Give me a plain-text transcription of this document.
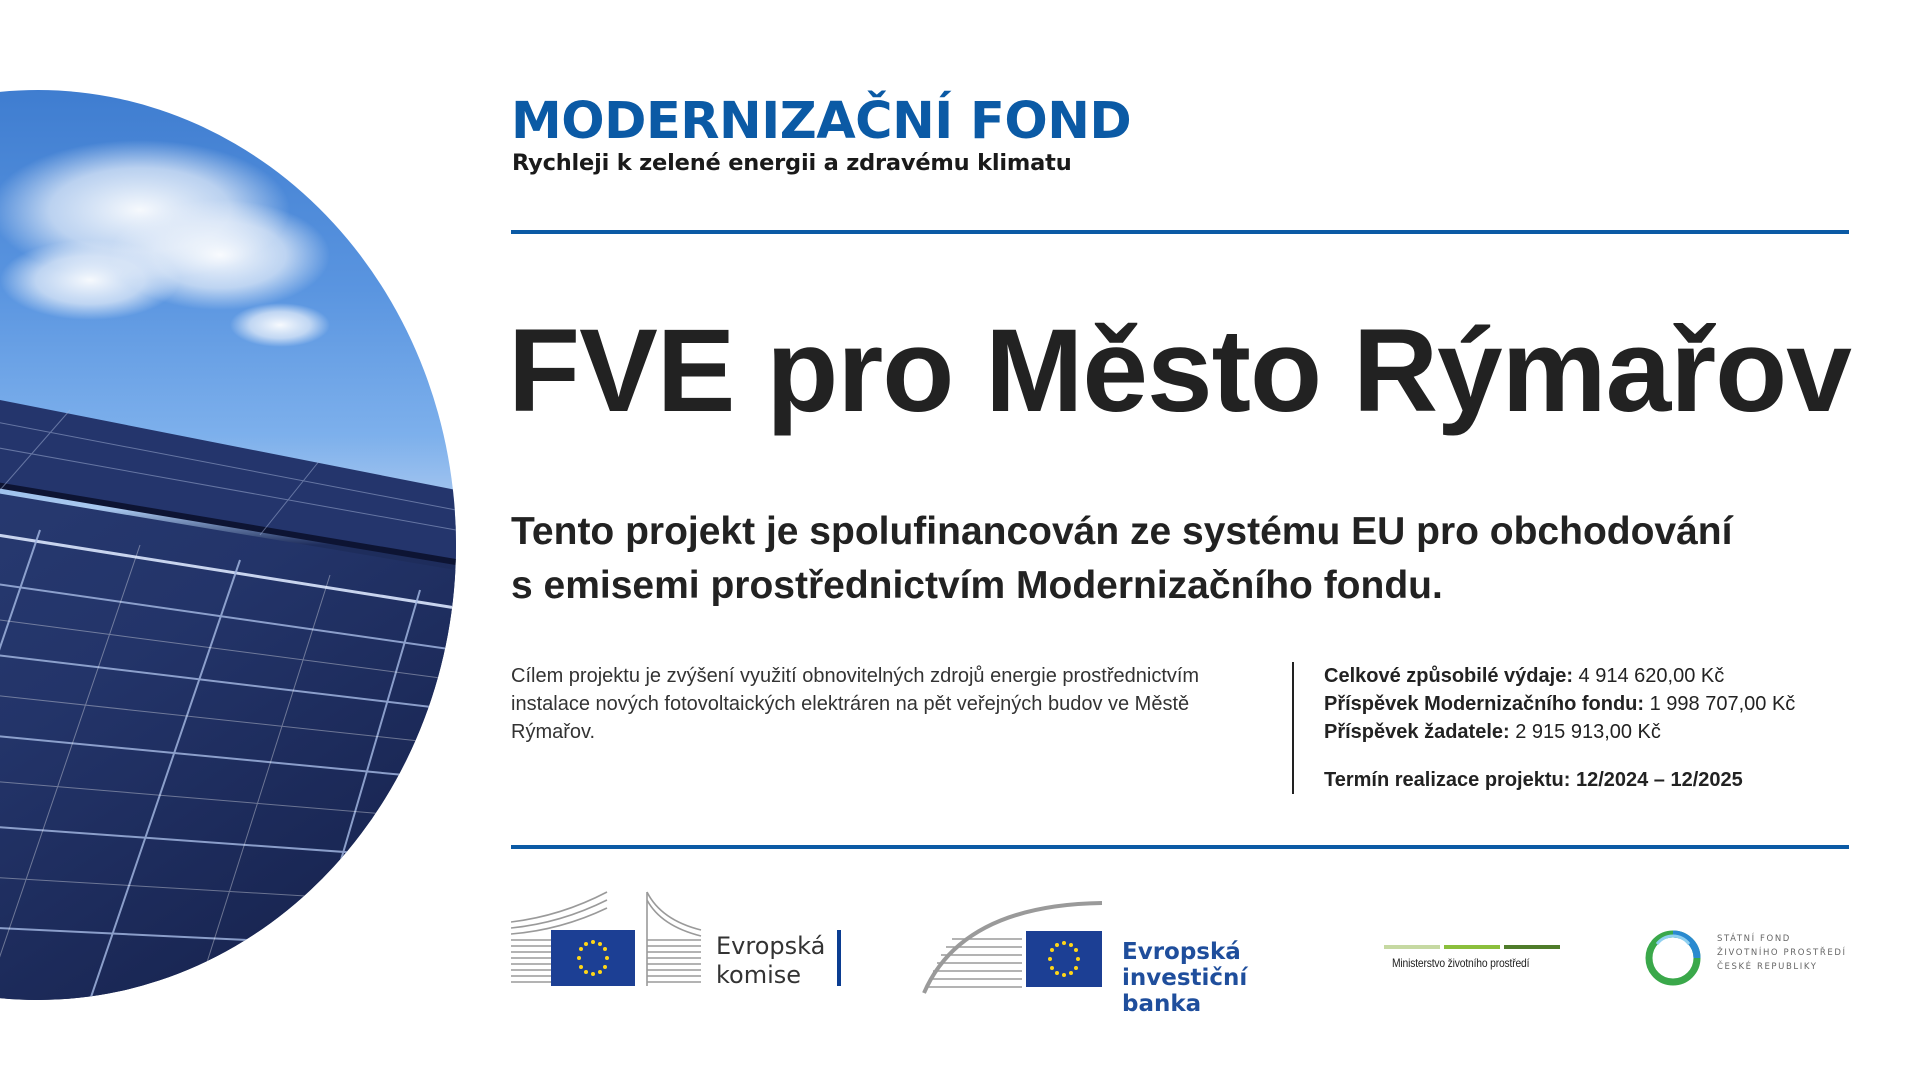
MODERNIZAČNÍ FOND

Rychleji k zelené energii a zdravému klimatu

FVE pro Město Rýmařov

Tento projekt je spolufinancován ze systému EU pro obchodování
s emisemi prostřednictvím Modernizačního fondu.

Cílem projektu je zvýšení využití obnovitelných zdrojů energie prostřednictvím instalace nových fotovoltaických elektráren na pět veřejných budov ve Městě Rýmařov.

Celkové způsobilé výdaje: 4 914 620,00 Kč
Příspěvek Modernizačního fondu: 1 998 707,00 Kč
Příspěvek žadatele: 2 915 913,00 Kč
Termín realizace projektu: 12/2024 – 12/2025

Evropská
komise

Evropská
investiční banka

Ministerstvo životního prostředí

STÁTNÍ FOND
ŽIVOTNÍHO PROSTŘEDÍ
ČESKÉ REPUBLIKY
